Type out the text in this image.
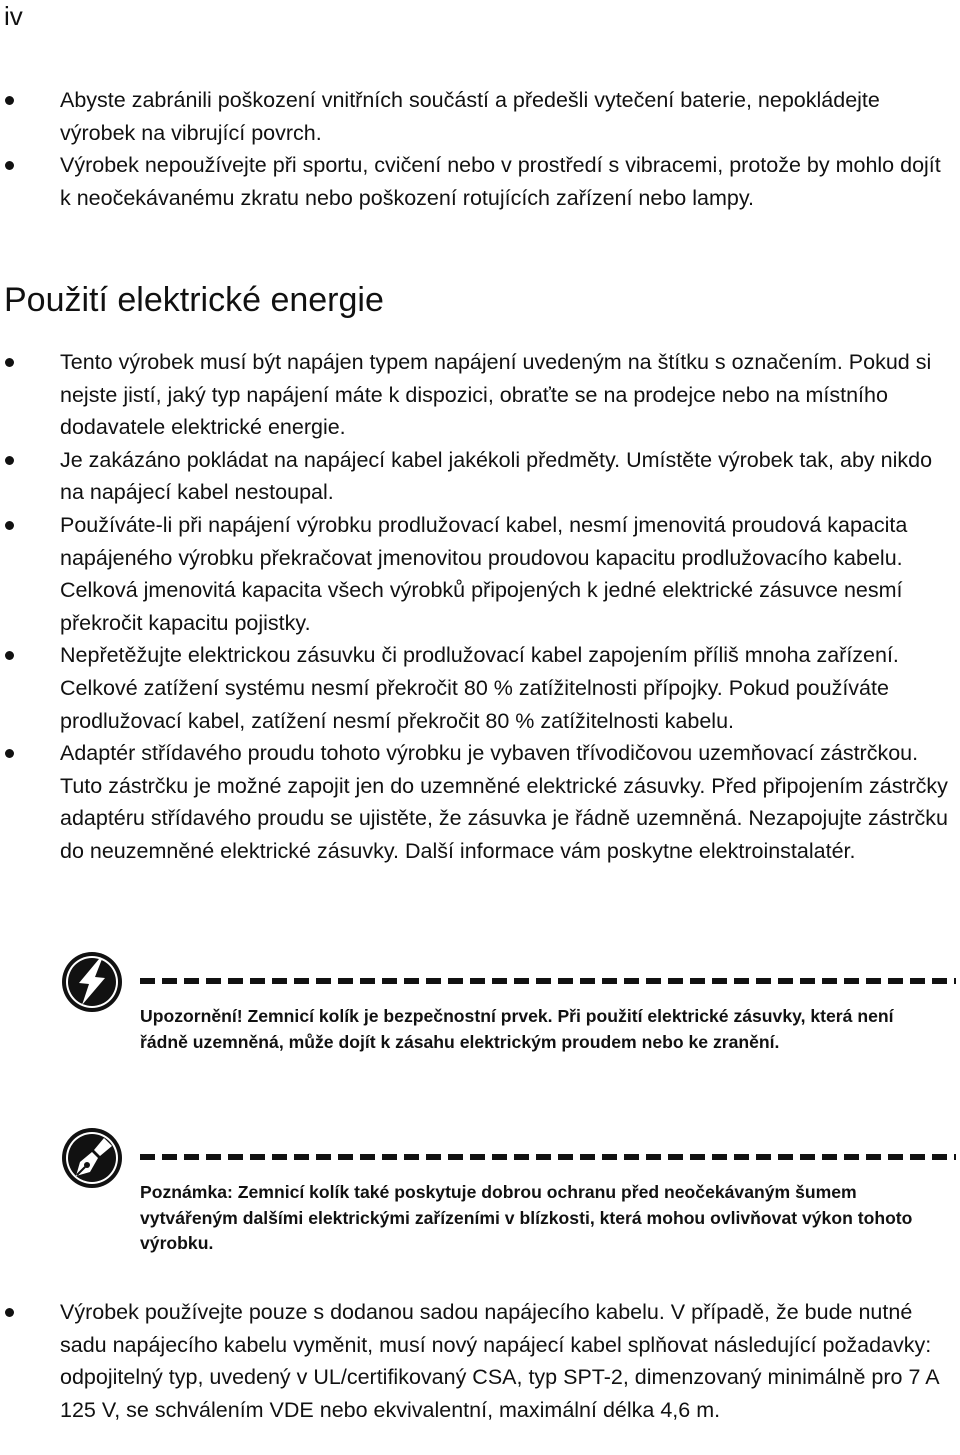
iv
Abyste zabránili poškození vnitřních součástí a předešli vytečení baterie, nepokládejte výrobek na vibrující povrch.
Výrobek nepoužívejte při sportu, cvičení nebo v prostředí s vibracemi, protože by mohlo dojít k neočekávanému zkratu nebo poškození rotujících zařízení nebo lampy.
Použití elektrické energie
Tento výrobek musí být napájen typem napájení uvedeným na štítku s označením. Pokud si nejste jistí, jaký typ napájení máte k dispozici, obraťte se na prodejce nebo na místního dodavatele elektrické energie.
Je zakázáno pokládat na napájecí kabel jakékoli předměty. Umístěte výrobek tak, aby nikdo na napájecí kabel nestoupal.
Používáte-li při napájení výrobku prodlužovací kabel, nesmí jmenovitá proudová kapacita napájeného výrobku překračovat jmenovitou proudovou kapacitu prodlužovacího kabelu. Celková jmenovitá kapacita všech výrobků připojených k jedné elektrické zásuvce nesmí překročit kapacitu pojistky.
Nepřetěžujte elektrickou zásuvku či prodlužovací kabel zapojením příliš mnoha zařízení. Celkové zatížení systému nesmí překročit 80 % zatížitelnosti přípojky. Pokud používáte prodlužovací kabel, zatížení nesmí překročit 80 % zatížitelnosti kabelu.
Adaptér střídavého proudu tohoto výrobku je vybaven třívodičovou uzemňovací zástrčkou. Tuto zástrčku je možné zapojit jen do uzemněné elektrické zásuvky. Před připojením zástrčky adaptéru střídavého proudu se ujistěte, že zásuvka je řádně uzemněná. Nezapojujte zástrčku do neuzemněné elektrické zásuvky. Další informace vám poskytne elektroinstalatér.

Upozornění! Zemnicí kolík je bezpečnostní prvek. Při použití elektrické zásuvky, která není řádně uzemněná, může dojít k zásahu elektrickým proudem nebo ke zranění.

Poznámka: Zemnicí kolík také poskytuje dobrou ochranu před neočekávaným šumem vytvářeným dalšími elektrickými zařízeními v blízkosti, která mohou ovlivňovat výkon tohoto výrobku.

Výrobek používejte pouze s dodanou sadou napájecího kabelu. V případě, že bude nutné sadu napájecího kabelu vyměnit, musí nový napájecí kabel splňovat následující požadavky: odpojitelný typ, uvedený v UL/certifikovaný CSA, typ SPT-2, dimenzovaný minimálně pro 7 A 125 V, se schválením VDE nebo ekvivalentní, maximální délka 4,6 m.
